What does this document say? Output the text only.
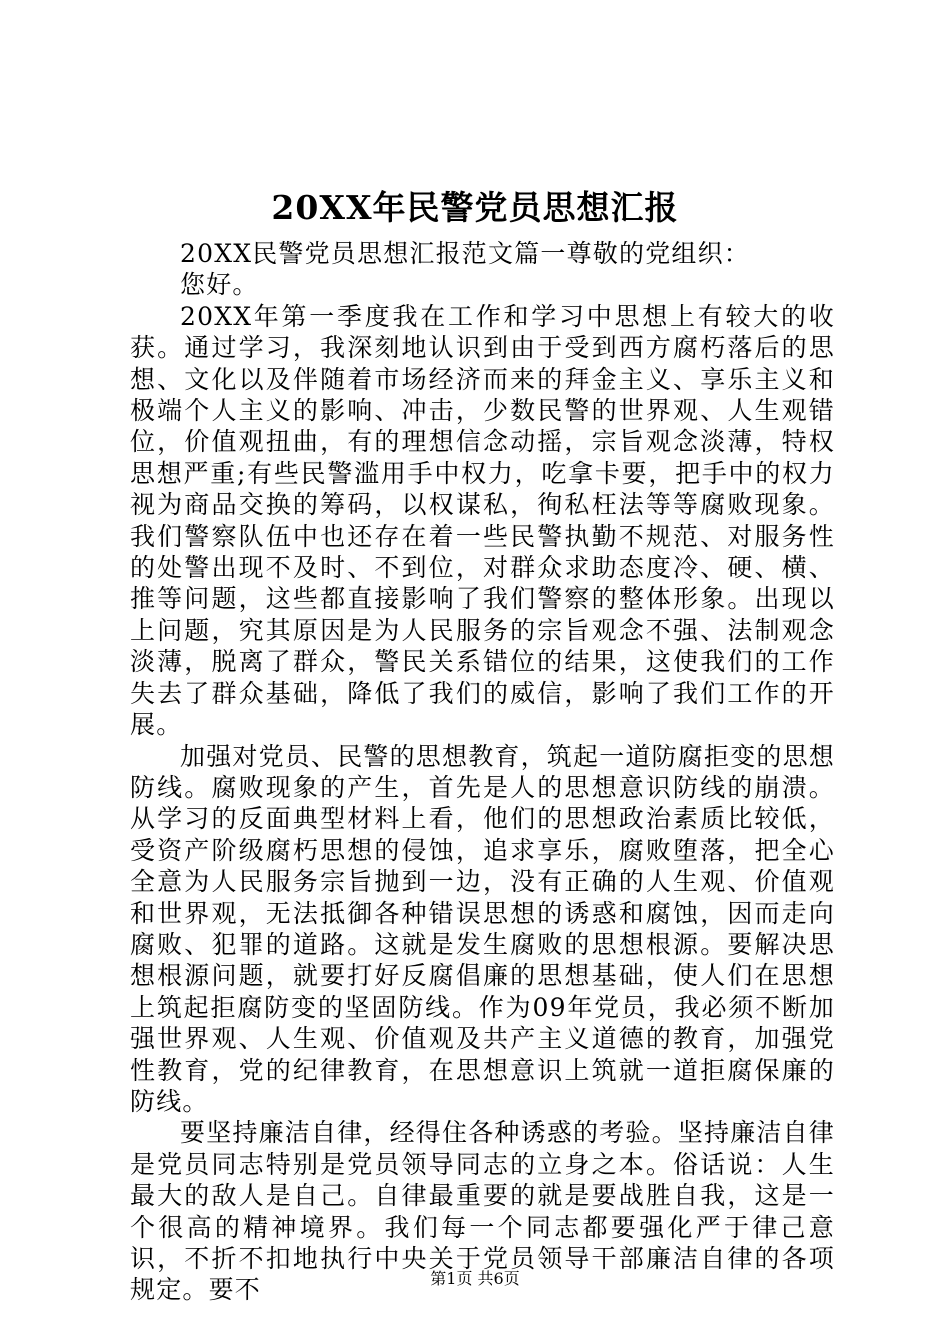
20XX年民警党员思想汇报

20XX民警党员思想汇报范文篇一尊敬的党组织：

您好。

20XX年第一季度我在工作和学习中思想上有较大的收获。通过学习，我深刻地认识到由于受到西方腐朽落后的思想、文化以及伴随着市场经济而来的拜金主义、享乐主义和极端个人主义的影响、冲击，少数民警的世界观、人生观错位，价值观扭曲，有的理想信念动摇，宗旨观念淡薄，特权思想严重;有些民警滥用手中权力，吃拿卡要，把手中的权力视为商品交换的筹码，以权谋私，徇私枉法等等腐败现象。我们警察队伍中也还存在着一些民警执勤不规范、对服务性的处警出现不及时、不到位，对群众求助态度冷、硬、横、推等问题，这些都直接影响了我们警察的整体形象。出现以上问题，究其原因是为人民服务的宗旨观念不强、法制观念淡薄，脱离了群众，警民关系错位的结果，这使我们的工作失去了群众基础，降低了我们的威信，影响了我们工作的开展。

加强对党员、民警的思想教育，筑起一道防腐拒变的思想防线。腐败现象的产生，首先是人的思想意识防线的崩溃。从学习的反面典型材料上看，他们的思想政治素质比较低，受资产阶级腐朽思想的侵蚀，追求享乐，腐败堕落，把全心全意为人民服务宗旨抛到一边，没有正确的人生观、价值观和世界观，无法抵御各种错误思想的诱惑和腐蚀，因而走向腐败、犯罪的道路。这就是发生腐败的思想根源。要解决思想根源问题，就要打好反腐倡廉的思想基础，使人们在思想上筑起拒腐防变的坚固防线。作为09年党员，我必须不断加强世界观、人生观、价值观及共产主义道德的教育，加强党性教育，党的纪律教育，在思想意识上筑就一道拒腐保廉的防线。

要坚持廉洁自律，经得住各种诱惑的考验。坚持廉洁自律是党员同志特别是党员领导同志的立身之本。俗话说：人生最大的敌人是自己。自律最重要的就是要战胜自我，这是一个很高的精神境界。我们每一个同志都要强化严于律己意识，不折不扣地执行中央关于党员领导干部廉洁自律的各项规定。要不	第1页 共6页
